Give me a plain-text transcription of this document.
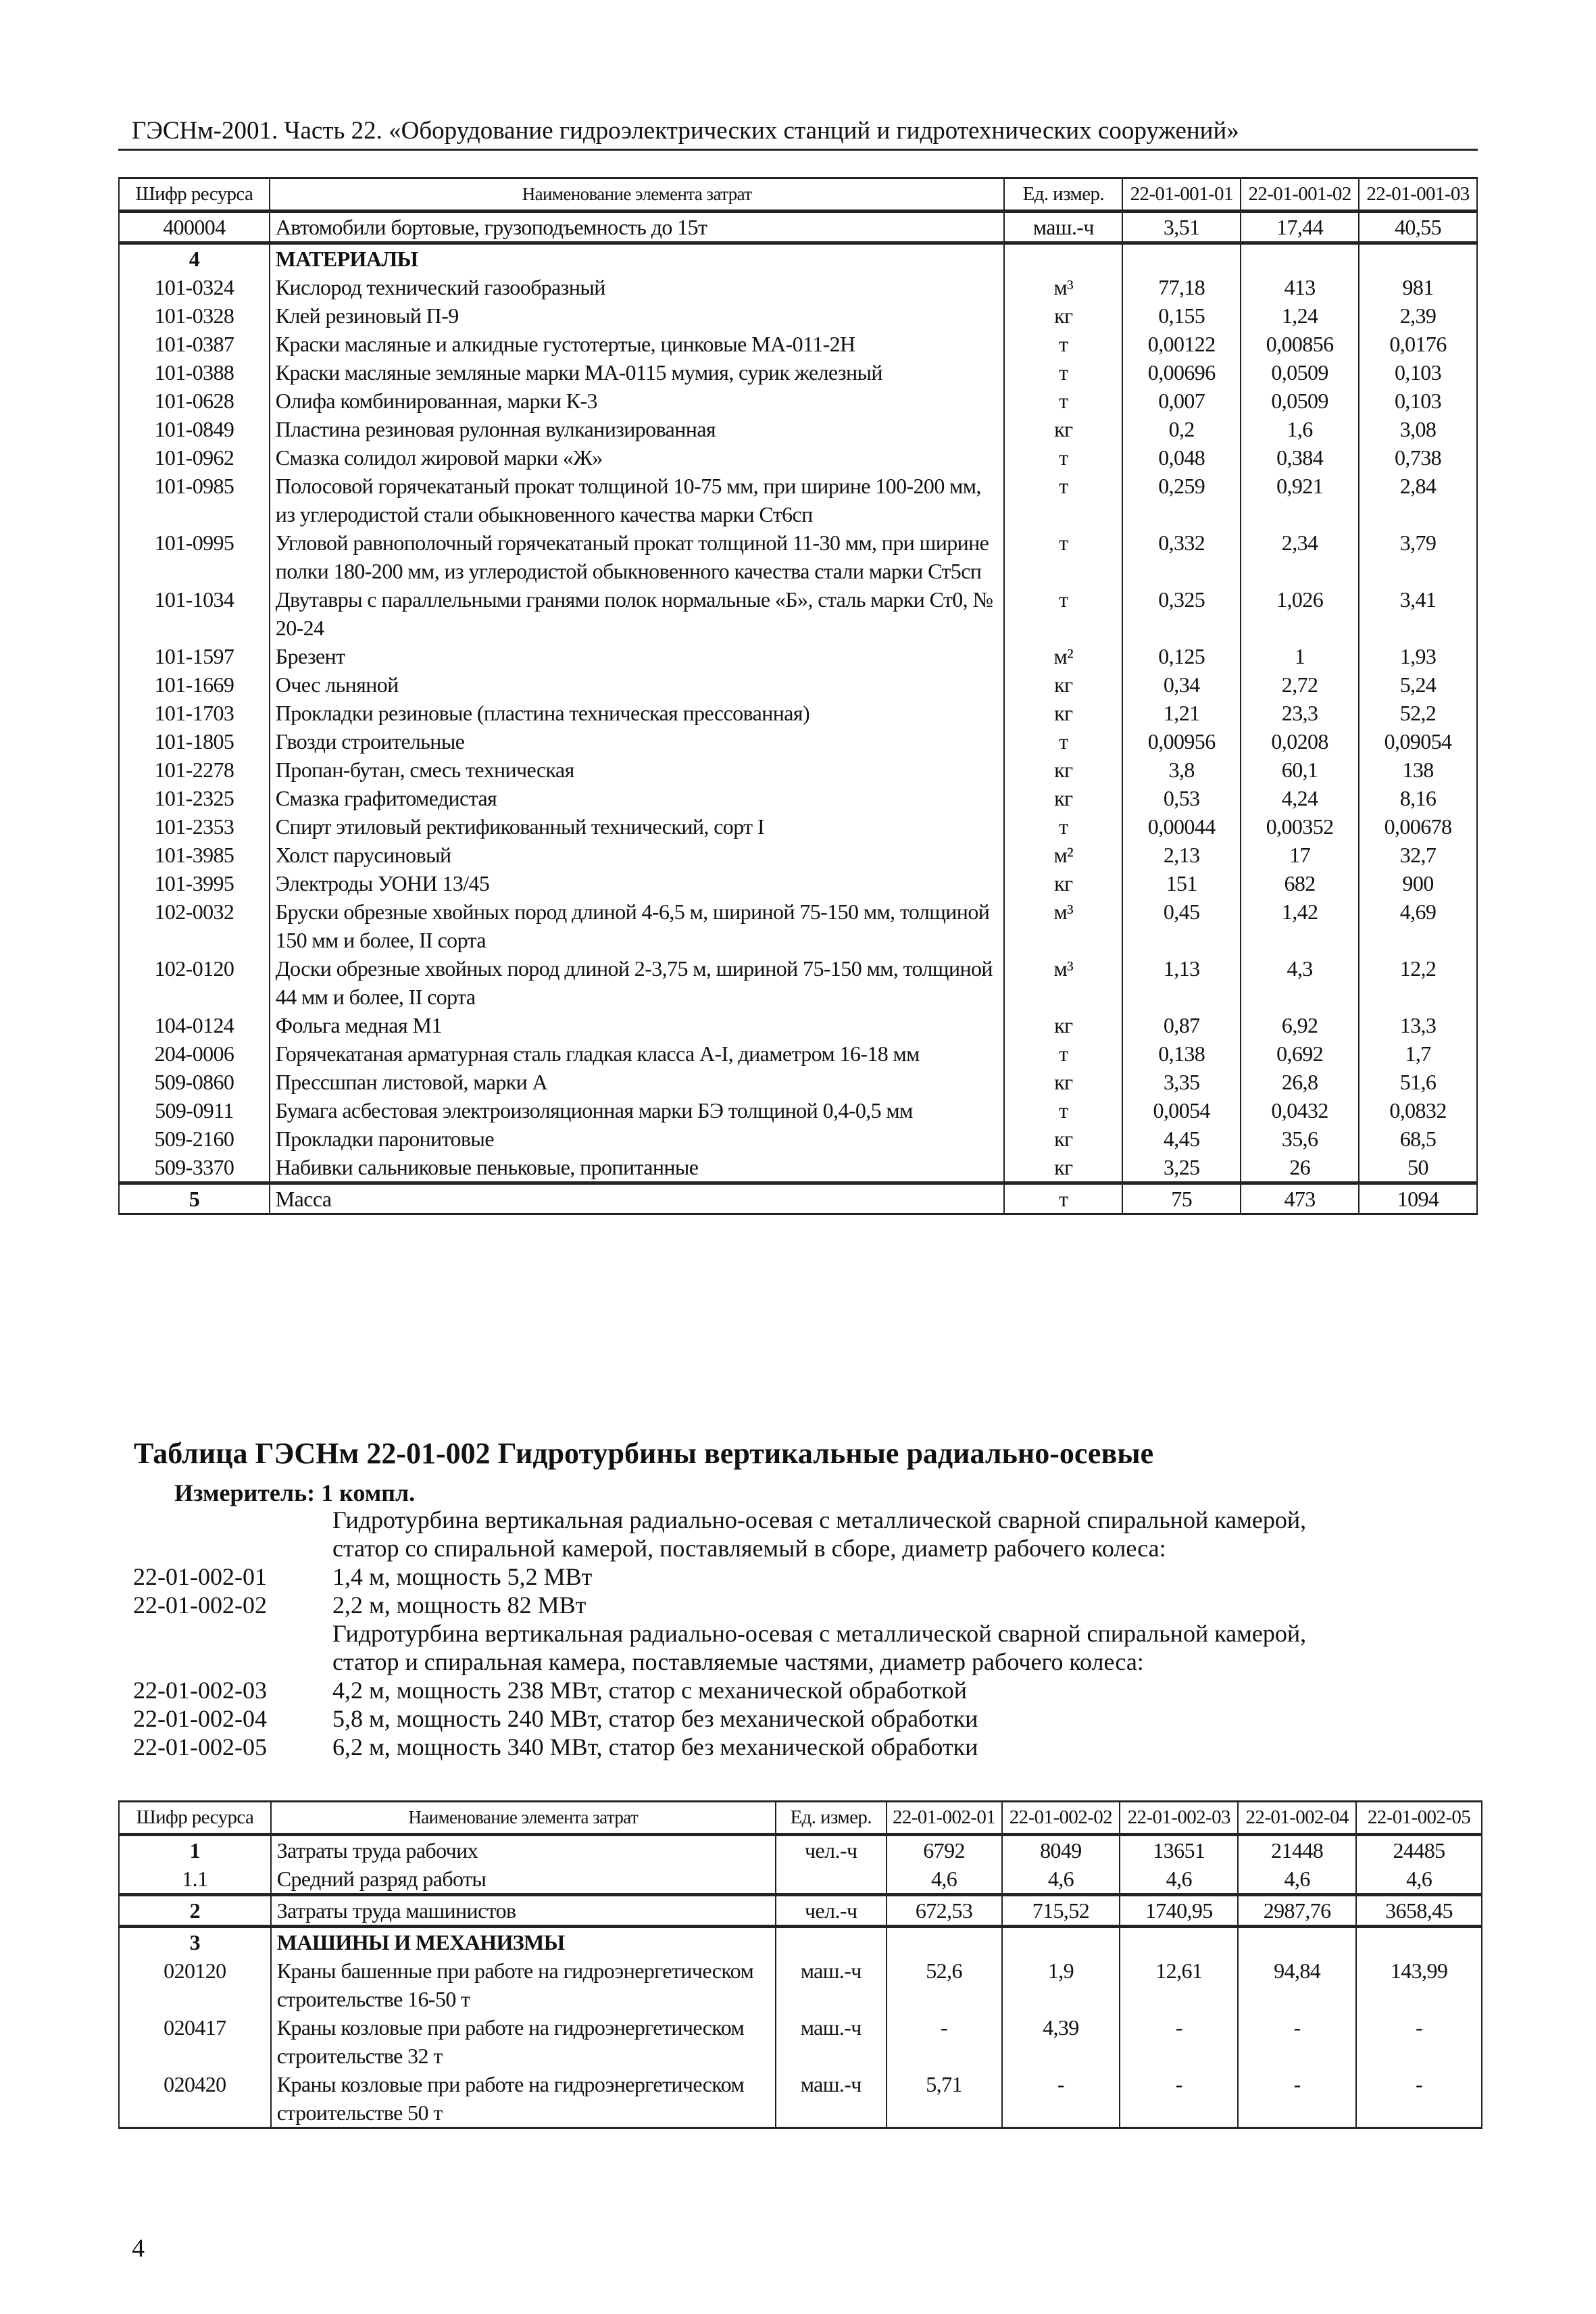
ГЭСНм-2001. Часть 22. «Оборудование гидроэлектрических станций и гидротехнических сооружений»
Шифр ресурса	Наименование элемента затрат	Ед. измер.	22-01-001-01	22-01-001-02	22-01-001-03
400004	Автомобили бортовые, грузоподъемность до 15т	маш.-ч	3,51	17,44	40,55
4	МАТЕРИАЛЫ				
101-0324	Кислород технический газообразный	м³	77,18	413	981
101-0328	Клей резиновый П-9	кг	0,155	1,24	2,39
101-0387	Краски масляные и алкидные густотертые, цинковые МА-011-2Н	т	0,00122	0,00856	0,0176
101-0388	Краски масляные земляные марки МА-0115 мумия, сурик железный	т	0,00696	0,0509	0,103
101-0628	Олифа комбинированная, марки К-3	т	0,007	0,0509	0,103
101-0849	Пластина резиновая рулонная вулканизированная	кг	0,2	1,6	3,08
101-0962	Смазка солидол жировой марки «Ж»	т	0,048	0,384	0,738
101-0985	Полосовой горячекатаный прокат толщиной 10-75 мм, при ширине 100-200 мм, из углеродистой стали обыкновенного качества марки Ст6сп	т	0,259	0,921	2,84
101-0995	Угловой равнополочный горячекатаный прокат толщиной 11-30 мм, при ширине полки 180-200 мм, из углеродистой обыкновенного качества стали марки Ст5сп	т	0,332	2,34	3,79
101-1034	Двутавры с параллельными гранями полок нормальные «Б», сталь марки Ст0, № 20-24	т	0,325	1,026	3,41
101-1597	Брезент	м²	0,125	1	1,93
101-1669	Очес льняной	кг	0,34	2,72	5,24
101-1703	Прокладки резиновые (пластина техническая прессованная)	кг	1,21	23,3	52,2
101-1805	Гвозди строительные	т	0,00956	0,0208	0,09054
101-2278	Пропан-бутан, смесь техническая	кг	3,8	60,1	138
101-2325	Смазка графитомедистая	кг	0,53	4,24	8,16
101-2353	Спирт этиловый ректификованный технический, сорт I	т	0,00044	0,00352	0,00678
101-3985	Холст парусиновый	м²	2,13	17	32,7
101-3995	Электроды УОНИ 13/45	кг	151	682	900
102-0032	Бруски обрезные хвойных пород длиной 4-6,5 м, шириной 75-150 мм, толщиной 150 мм и более, II сорта	м³	0,45	1,42	4,69
102-0120	Доски обрезные хвойных пород длиной 2-3,75 м, шириной 75-150 мм, толщиной 44 мм и более, II сорта	м³	1,13	4,3	12,2
104-0124	Фольга медная М1	кг	0,87	6,92	13,3
204-0006	Горячекатаная арматурная сталь гладкая класса А-I, диаметром 16-18 мм	т	0,138	0,692	1,7
509-0860	Прессшпан листовой, марки А	кг	3,35	26,8	51,6
509-0911	Бумага асбестовая электроизоляционная марки БЭ толщиной 0,4-0,5 мм	т	0,0054	0,0432	0,0832
509-2160	Прокладки паронитовые	кг	4,45	35,6	68,5
509-3370	Набивки сальниковые пеньковые, пропитанные	кг	3,25	26	50
5	Масса	т	75	473	1094
Таблица ГЭСНм 22-01-002 Гидротурбины вертикальные радиально-осевые
Измеритель: 1 компл.
Гидротурбина вертикальная радиально-осевая с металлической сварной спиральной камерой,
статор со спиральной камерой, поставляемый в сборе, диаметр рабочего колеса:
22-01-002-01	1,4 м, мощность 5,2 МВт
22-01-002-02	2,2 м, мощность 82 МВт
Гидротурбина вертикальная радиально-осевая с металлической сварной спиральной камерой,
статор и спиральная камера, поставляемые частями, диаметр рабочего колеса:
22-01-002-03	4,2 м, мощность 238 МВт, статор с механической обработкой
22-01-002-04	5,8 м, мощность 240 МВт, статор без механической обработки
22-01-002-05	6,2 м, мощность 340 МВт, статор без механической обработки
Шифр ресурса	Наименование элемента затрат	Ед. измер.	22-01-002-01	22-01-002-02	22-01-002-03	22-01-002-04	22-01-002-05
1	Затраты труда рабочих	чел.-ч	6792	8049	13651	21448	24485
1.1	Средний разряд работы		4,6	4,6	4,6	4,6	4,6
2	Затраты труда машинистов	чел.-ч	672,53	715,52	1740,95	2987,76	3658,45
3	МАШИНЫ И МЕХАНИЗМЫ						
020120	Краны башенные при работе на гидроэнергетическом строительстве 16-50 т	маш.-ч	52,6	1,9	12,61	94,84	143,99
020417	Краны козловые при работе на гидроэнергетическом строительстве 32 т	маш.-ч	-	4,39	-	-	-
020420	Краны козловые при работе на гидроэнергетическом строительстве 50 т	маш.-ч	5,71	-	-	-	-
4
